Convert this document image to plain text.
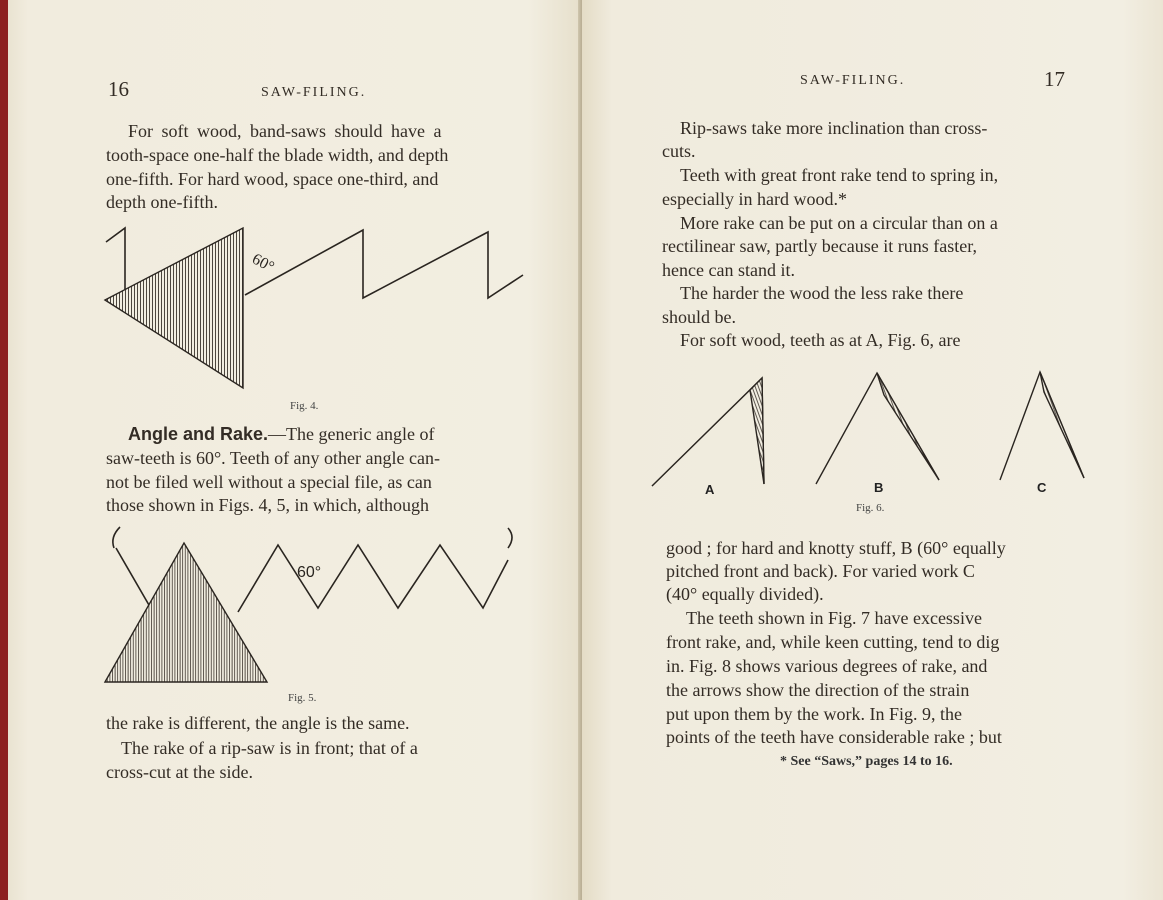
16	SAW-FILING.
For soft wood, band-saws should have a
tooth-space one-half the blade width, and depth
one-fifth. For hard wood, space one-third, and
depth one-fifth.
60°
Fig. 4.
Angle and Rake.—The generic angle of
saw-teeth is 60°. Teeth of any other angle can-
not be filed well without a special file, as can
those shown in Figs. 4, 5, in which, although
60°
Fig. 5.
the rake is different, the angle is the same.
The rake of a rip-saw is in front; that of a
cross-cut at the side.
SAW-FILING.	17
Rip-saws take more inclination than cross-
cuts.
Teeth with great front rake tend to spring in,
especially in hard wood.*
More rake can be put on a circular than on a
rectilinear saw, partly because it runs faster,
hence can stand it.
The harder the wood the less rake there
should be.
For soft wood, teeth as at A, Fig. 6, are
A	B	C
Fig. 6.
good ; for hard and knotty stuff, B (60° equally
pitched front and back). For varied work C
(40° equally divided).
The teeth shown in Fig. 7 have excessive
front rake, and, while keen cutting, tend to dig
in. Fig. 8 shows various degrees of rake, and
the arrows show the direction of the strain
put upon them by the work. In Fig. 9, the
points of the teeth have considerable rake ; but
* See “Saws,” pages 14 to 16.
